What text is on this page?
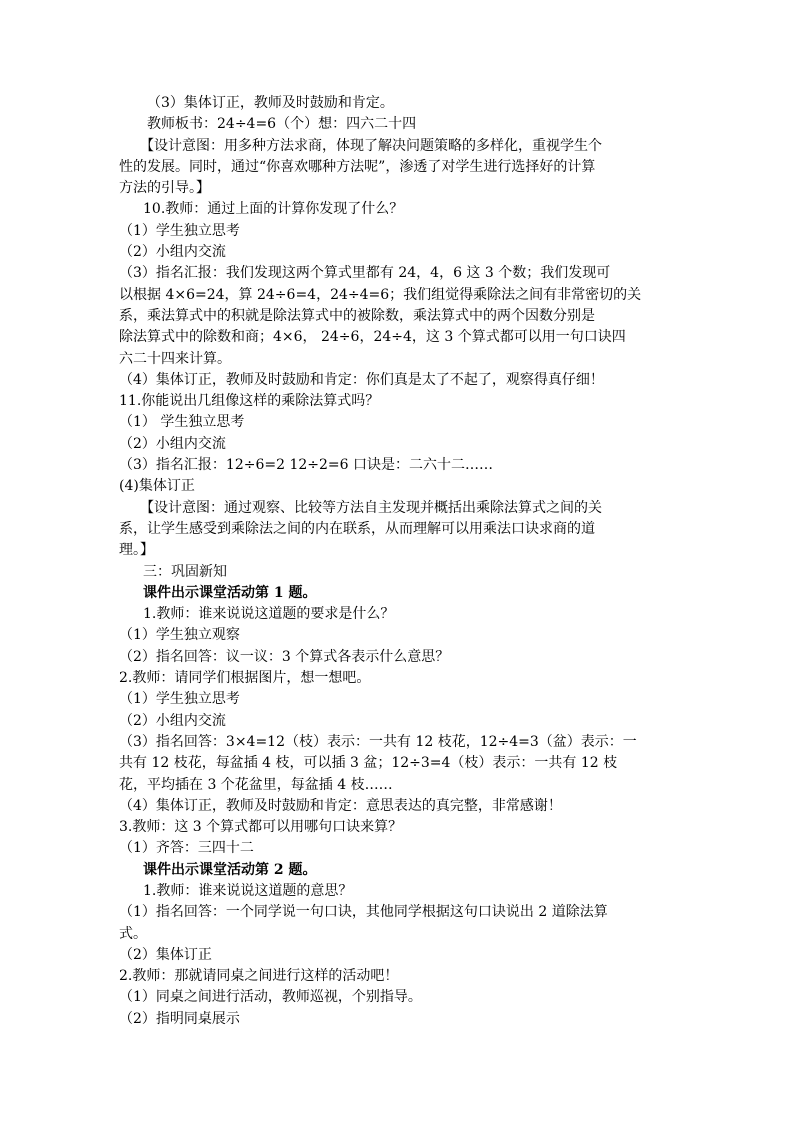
（3）集体订正，教师及时鼓励和肯定。
教师板书：24÷4=6（个）想：四六二十四
【设计意图：用多种方法求商，体现了解决问题策略的多样化，重视学生个
性的发展。同时，通过“你喜欢哪种方法呢”，渗透了对学生进行选择好的计算
方法的引导。】
10.教师：通过上面的计算你发现了什么？
（1）学生独立思考
（2）小组内交流
（3）指名汇报：我们发现这两个算式里都有 24，4，6 这 3 个数；我们发现可
以根据 4×6=24，算 24÷6=4，24÷4=6；我们组觉得乘除法之间有非常密切的关
系，乘法算式中的积就是除法算式中的被除数，乘法算式中的两个因数分别是
除法算式中的除数和商；4×6， 24÷6，24÷4，这 3 个算式都可以用一句口诀四
六二十四来计算。
（4）集体订正，教师及时鼓励和肯定：你们真是太了不起了，观察得真仔细！
11.你能说出几组像这样的乘除法算式吗？
（1） 学生独立思考
（2）小组内交流
（3）指名汇报：12÷6=2 12÷2=6 口诀是：二六十二……
(4)集体订正
【设计意图：通过观察、比较等方法自主发现并概括出乘除法算式之间的关
系，让学生感受到乘除法之间的内在联系，从而理解可以用乘法口诀求商的道
理。】
三：巩固新知
课件出示课堂活动第 1 题。
1.教师：谁来说说这道题的要求是什么？
（1）学生独立观察
（2）指名回答：议一议：3 个算式各表示什么意思？
2.教师：请同学们根据图片，想一想吧。
（1）学生独立思考
（2）小组内交流
（3）指名回答：3×4=12（枝）表示：一共有 12 枝花，12÷4=3（盆）表示：一
共有 12 枝花，每盆插 4 枝，可以插 3 盆；12÷3=4（枝）表示：一共有 12 枝
花，平均插在 3 个花盆里，每盆插 4 枝……
（4）集体订正，教师及时鼓励和肯定：意思表达的真完整，非常感谢！
3.教师：这 3 个算式都可以用哪句口诀来算？
（1）齐答：三四十二
课件出示课堂活动第 2 题。
1.教师：谁来说说这道题的意思？
（1）指名回答：一个同学说一句口诀，其他同学根据这句口诀说出 2 道除法算
式。
（2）集体订正
2.教师：那就请同桌之间进行这样的活动吧！
（1）同桌之间进行活动，教师巡视，个别指导。
（2）指明同桌展示
